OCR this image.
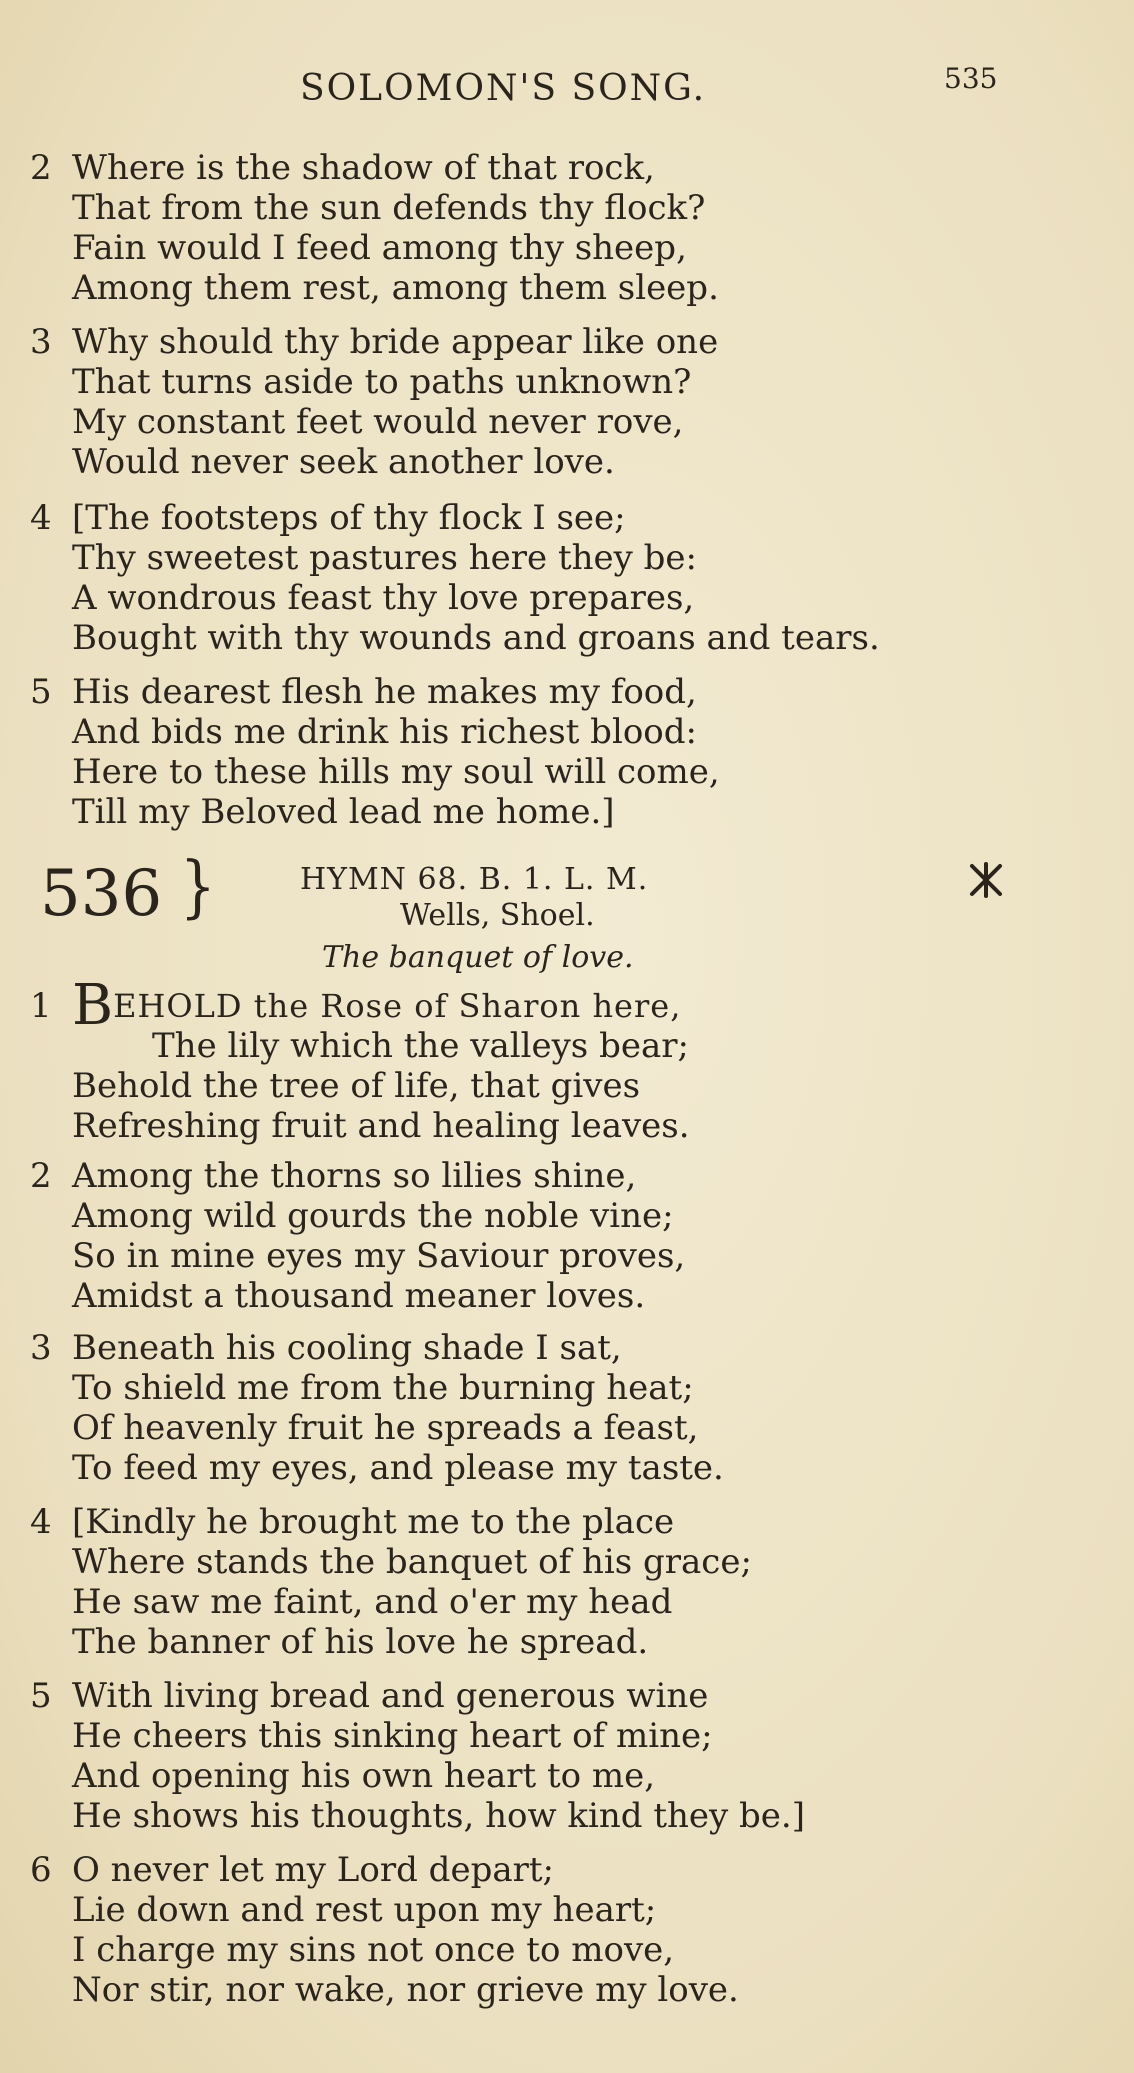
SOLOMON'S SONG.	535
2 Where is the shadow of that rock,
That from the sun defends thy flock?
Fain would I feed among thy sheep,
Among them rest, among them sleep.
3 Why should thy bride appear like one
That turns aside to paths unknown?
My constant feet would never rove,
Would never seek another love.
4 [The footsteps of thy flock I see;
Thy sweetest pastures here they be:
A wondrous feast thy love prepares,
Bought with thy wounds and groans and tears.
5 His dearest flesh he makes my food,
And bids me drink his richest blood:
Here to these hills my soul will come,
Till my Beloved lead me home.]
536 }	HYMN 68. B. 1. L. M.
Wells, Shoel.
The banquet of love.
1 BEHOLD the Rose of Sharon here,
The lily which the valleys bear;
Behold the tree of life, that gives
Refreshing fruit and healing leaves.
2 Among the thorns so lilies shine,
Among wild gourds the noble vine;
So in mine eyes my Saviour proves,
Amidst a thousand meaner loves.
3 Beneath his cooling shade I sat,
To shield me from the burning heat;
Of heavenly fruit he spreads a feast,
To feed my eyes, and please my taste.
4 [Kindly he brought me to the place
Where stands the banquet of his grace;
He saw me faint, and o'er my head
The banner of his love he spread.
5 With living bread and generous wine
He cheers this sinking heart of mine;
And opening his own heart to me,
He shows his thoughts, how kind they be.]
6 O never let my Lord depart;
Lie down and rest upon my heart;
I charge my sins not once to move,
Nor stir, nor wake, nor grieve my love.
